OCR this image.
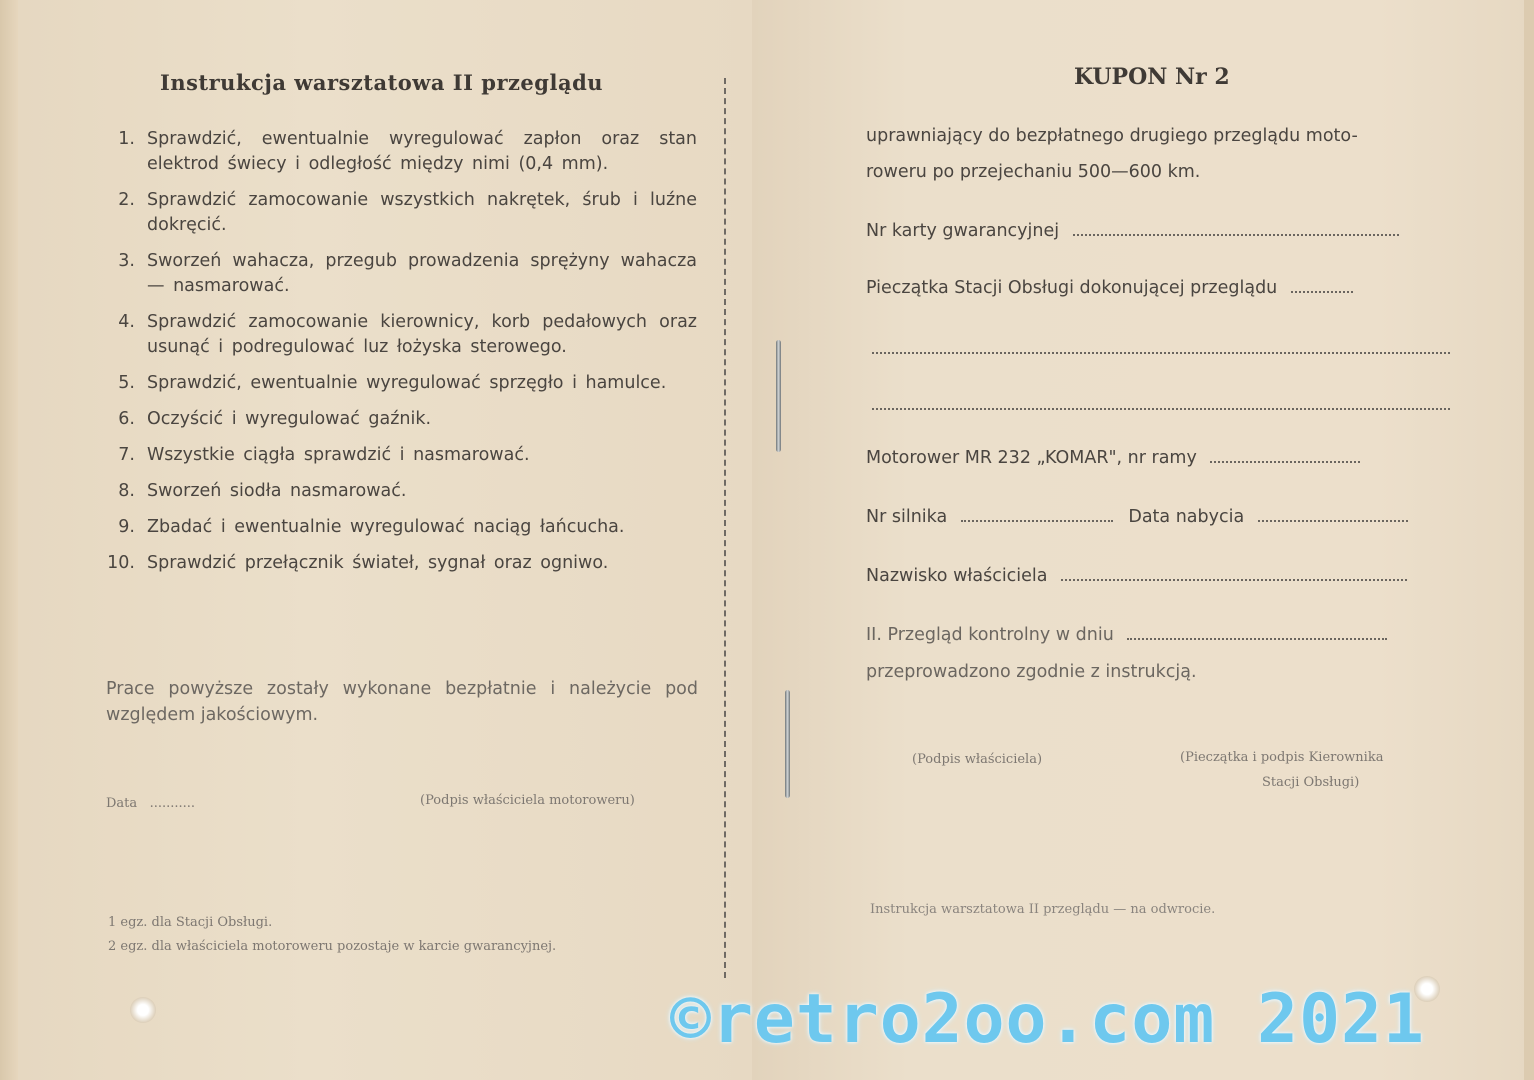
Instrukcja warsztatowa II przeglądu
1. Sprawdzić, ewentualnie wyregulować zapłon oraz stan elektrod świecy i odległość między nimi (0,4 mm).
2. Sprawdzić zamocowanie wszystkich nakrętek, śrub i luźne dokręcić.
3. Sworzeń wahacza, przegub prowadzenia sprężyny wahacza — nasmarować.
4. Sprawdzić zamocowanie kierownicy, korb pedałowych oraz usunąć i podregulować luz łożyska sterowego.
5. Sprawdzić, ewentualnie wyregulować sprzęgło i hamulce.
6. Oczyścić i wyregulować gaźnik.
7. Wszystkie ciągła sprawdzić i nasmarować.
8. Sworzeń siodła nasmarować.
9. Zbadać i ewentualnie wyregulować naciąg łańcucha.
10. Sprawdzić przełącznik świateł, sygnał oraz ogniwo.
Prace powyższe zostały wykonane bezpłatnie i należycie pod względem jakościowym.
Data ...........	(Podpis właściciela motoroweru)
1 egz. dla Stacji Obsługi.
2 egz. dla właściciela motoroweru pozostaje w karcie gwarancyjnej.
KUPON Nr 2
uprawniający do bezpłatnego drugiego przeglądu moto-
roweru po przejechaniu 500—600 km.
Nr karty gwarancyjnej
Pieczątka Stacji Obsługi dokonującej przeglądu
Motorower MR 232 „KOMAR", nr ramy
Nr silnika	Data nabycia
Nazwisko właściciela
II. Przegląd kontrolny w dniu
przeprowadzono zgodnie z instrukcją.
(Podpis właściciela)	(Pieczątka i podpis Kierownika
Stacji Obsługi)
Instrukcja warsztatowa II przeglądu — na odwrocie.
©retro2oo.com 2021
